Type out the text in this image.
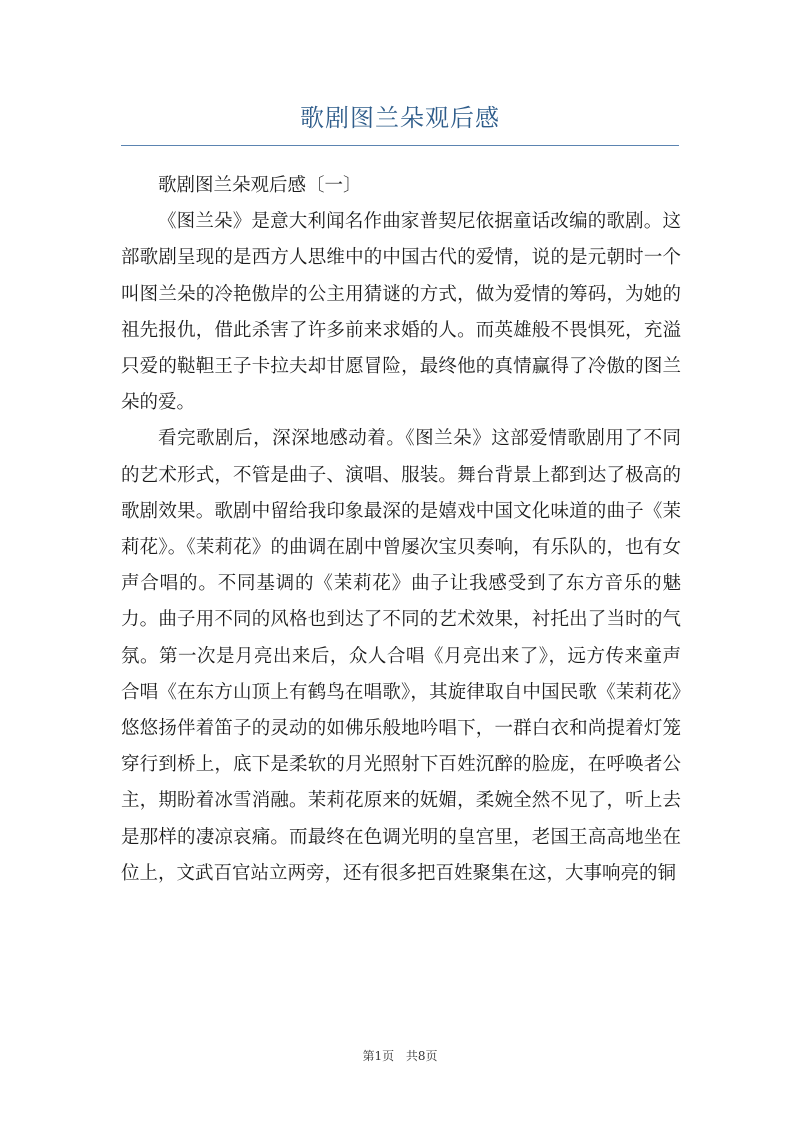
歌剧图兰朵观后感

歌剧图兰朵观后感〔一〕

《图兰朵》是意大利闻名作曲家普契尼依据童话改编的歌剧。这部歌剧呈现的是西方人思维中的中国古代的爱情，说的是元朝时一个叫图兰朵的冷艳傲岸的公主用猜谜的方式，做为爱情的筹码，为她的祖先报仇，借此杀害了许多前来求婚的人。而英雄般不畏惧死，充溢只爱的鞑靼王子卡拉夫却甘愿冒险，最终他的真情赢得了冷傲的图兰朵的爱。

看完歌剧后，深深地感动着。《图兰朵》这部爱情歌剧用了不同的艺术形式，不管是曲子、演唱、服装。舞台背景上都到达了极高的歌剧效果。歌剧中留给我印象最深的是嬉戏中国文化味道的曲子《茉莉花》。《茉莉花》的曲调在剧中曾屡次宝贝奏响，有乐队的，也有女声合唱的。不同基调的《茉莉花》曲子让我感受到了东方音乐的魅力。曲子用不同的风格也到达了不同的艺术效果，衬托出了当时的气氛。第一次是月亮出来后，众人合唱《月亮出来了》，远方传来童声合唱《在东方山顶上有鹤鸟在唱歌》，其旋律取自中国民歌《茉莉花》悠悠扬伴着笛子的灵动的如佛乐般地吟唱下，一群白衣和尚提着灯笼穿行到桥上，底下是柔软的月光照射下百姓沉醉的脸庞，在呼唤者公主，期盼着冰雪消融。茉莉花原来的妩媚，柔婉全然不见了，听上去是那样的凄凉哀痛。而最终在色调光明的皇宫里，老国王高高地坐在位上，文武百官站立两旁，还有很多把百姓聚集在这，大事响亮的铜

第1页 共8页
